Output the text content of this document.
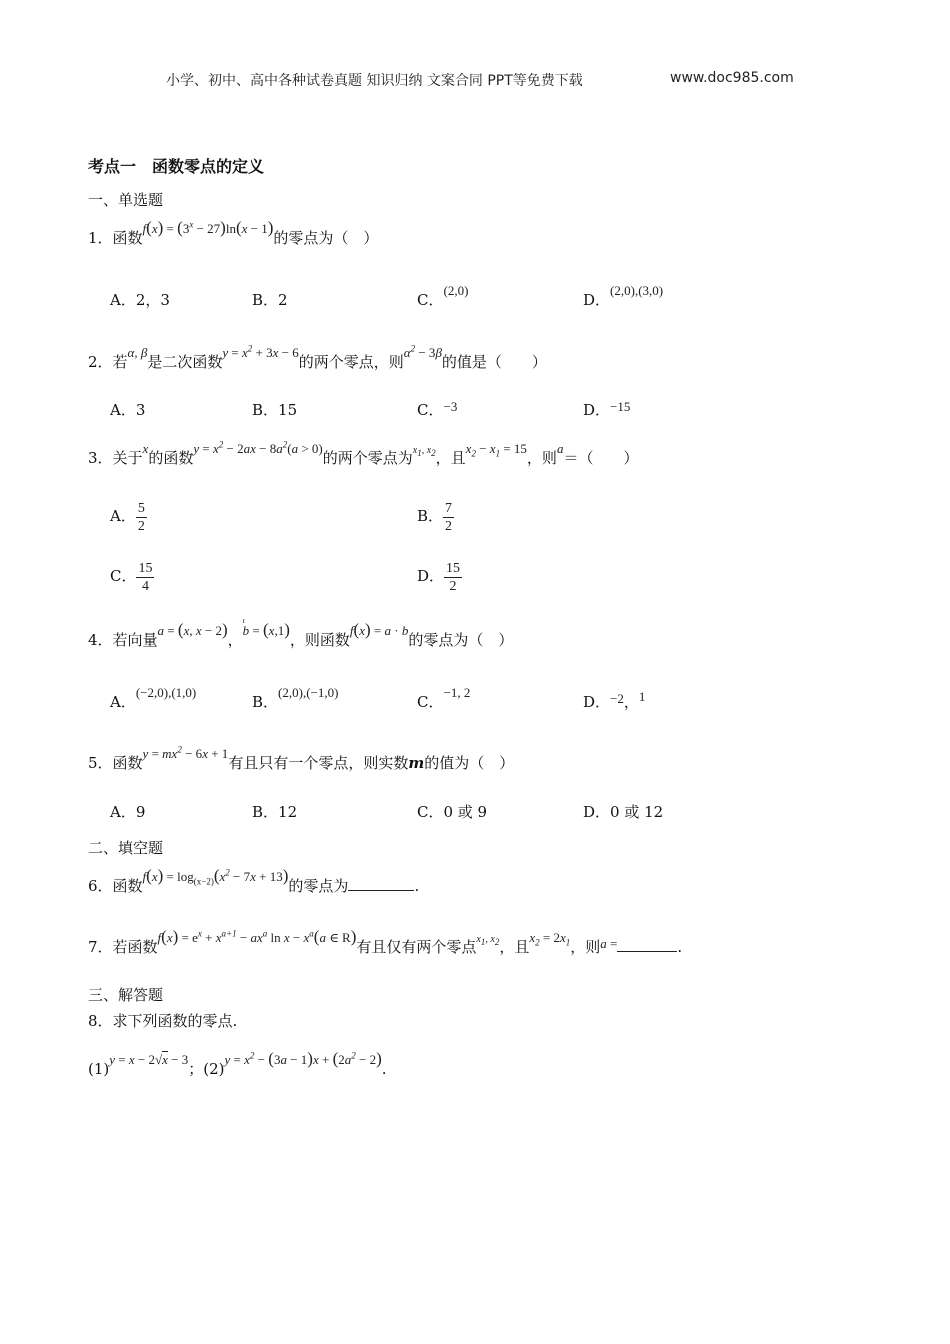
小学、初中、高中各种试卷真题 知识归纳 文案合同 PPT等免费下载	www.doc985.com
考点一　函数零点的定义
一、单选题
1．函数$f(x) = (3^x - 27)\ln(x - 1)$的零点为（　）
A．2，3	B．2	C．(2,0)
D．(2,0),(3,0)
2．若α, β是二次函数$y = x^2 + 3x - 6$的两个零点，则$\alpha^2 - 3\beta$的值是（　　）
A．3	B．15	C．−3	D．−15
3．关于x的函数$y = x^2 - 2ax - 8a^2(a > 0)$的两个零点为$^{x_1, x_2}$，且$x_2 - x_1 = 15$，则a＝（　　）
A． $\frac{5}{2}$	B． $\frac{7}{2}$
C． $\frac{15}{4}$	D． $\frac{15}{2}$
4．若向量a = (x, x − 2)，b
ı
= (x,1)，则函数f(x) = a · b的零点为（　）
A．(−2,0),(1,0)
B．(2,0),(−1,0)
C．−1, 2
D．−2，1
5．函数$y = mx^2 - 6x + 1$有且只有一个零点，则实数m的值为（　）
A．9	B．12	C．0 或 9	D．0 或 12
二、填空题
6．函数$f(x) = \log_{(x-2)}(x^2 - 7x + 13)$的零点为	.
7．若函数$f(x) = e^x + x^{a+1} - ax^a$ $\ln x - x^a(a$ ∈ R)有且仅有两个零点$^{x_1, x_2}$，且$x_2 = 2x_1$，则a =	.
三、解答题
8．求下列函数的零点.
(1)y = x − 2√x − 3；$(2)y = x^2 - (3a - 1)x + (2a^2 - 2)$.
